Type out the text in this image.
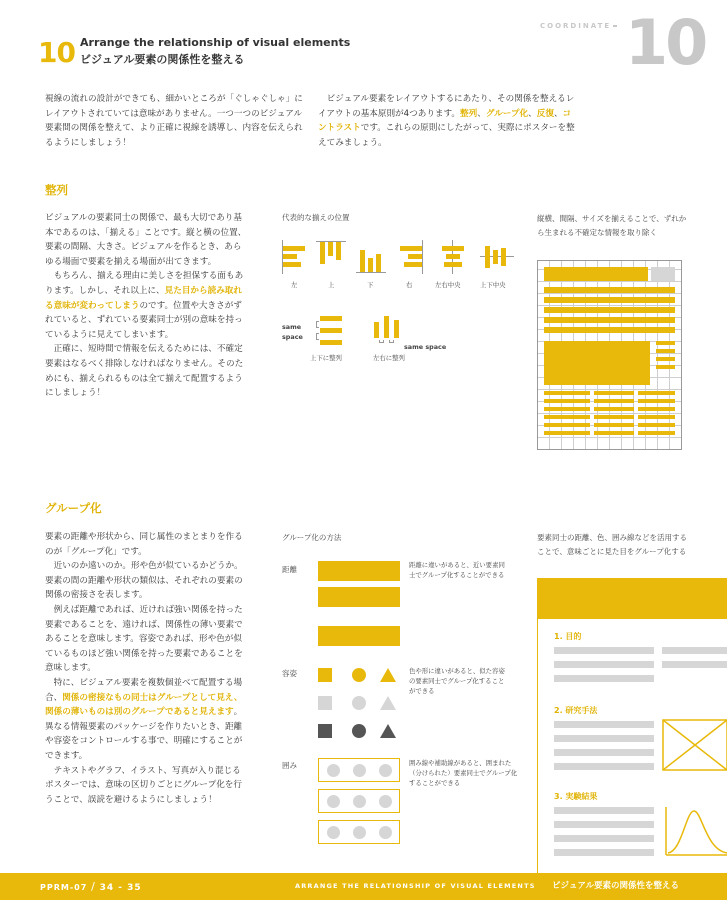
10 Arrange the relationship of visual elements
ビジュアル要素の関係性を整える
COORDINATE 10

視線の流れの設計ができても、細かいところが「ぐしゃぐしゃ」にレイアウトされていては意味がありません。一つ一つのビジュアル要素間の関係を整えて、より正確に視線を誘導し、内容を伝えられるようにしましょう！

　ビジュアル要素をレイアウトするにあたり、その関係を整えるレイアウトの基本原則が4つあります。整列、グループ化、反復、コントラストです。これらの原則にしたがって、実際にポスターを整えてみましょう。

整列

ビジュアルの要素同士の関係で、最も大切であり基本であるのは、「揃える」ことです。縦と横の位置、要素の間隔、大きさ。ビジュアルを作るとき、あらゆる場面で要素を揃える場面が出てきます。
　もちろん、揃える理由に美しさを担保する面もあります。しかし、それ以上に、見た目から読み取れる意味が変わってしまうのです。位置や大きさがずれていると、ずれている要素同士が別の意味を持っているように見えてしまいます。
　正確に、短時間で情報を伝えるためには、不確定要素はなるべく排除しなければなりません。そのためにも、揃えられるものは全て揃えて配置するようにしましょう！

代表的な揃えの位置
左	上	下	右	左右中央	上下中央
same space
same space
上下に整列	左右に整列
縦横、間隔、サイズを揃えることで、ずれから生まれる不確定な情報を取り除く
グループ化

要素の距離や形状から、同じ属性のまとまりを作るのが「グループ化」です。
　近いのか遠いのか。形や色が似ているかどうか。要素の間の距離や形状の類似は、それぞれの要素の関係の密接さを表します。
　例えば距離であれば、近ければ強い関係を持った要素であることを、遠ければ、関係性の薄い要素であることを意味します。容姿であれば、形や色が似ているものほど強い関係を持った要素であることを意味します。
　特に、ビジュアル要素を複数個並べて配置する場合、関係の密接なもの同士はグループとして見え、関係の薄いものは別のグループであると見えます。異なる情報要素のパッケージを作りたいとき、距離や容姿をコントロールする事で、明確にすることができます。
　テキストやグラフ、イラスト、写真が入り混じるポスターでは、意味の区切りごとにグループ化を行うことで、誤読を避けるようにしましょう！

グループ化の方法
距離	距離に違いがあると、近い要素同士でグループ化することができる
容姿	色や形に違いがあると、似た容姿の要素同士でグループ化することができる
囲み	囲み線や補助線があると、囲まれた（分けられた）要素同士でグループ化することができる
要素同士の距離、色、囲み線などを活用することで、意味ごとに見た目をグループ化する
1. 目的
2. 研究手法
3. 実験結果
PPRM-07 / 34 - 35	ARRANGE THE RELATIONSHIP OF VISUAL ELEMENTS ビジュアル要素の関係性を整える
